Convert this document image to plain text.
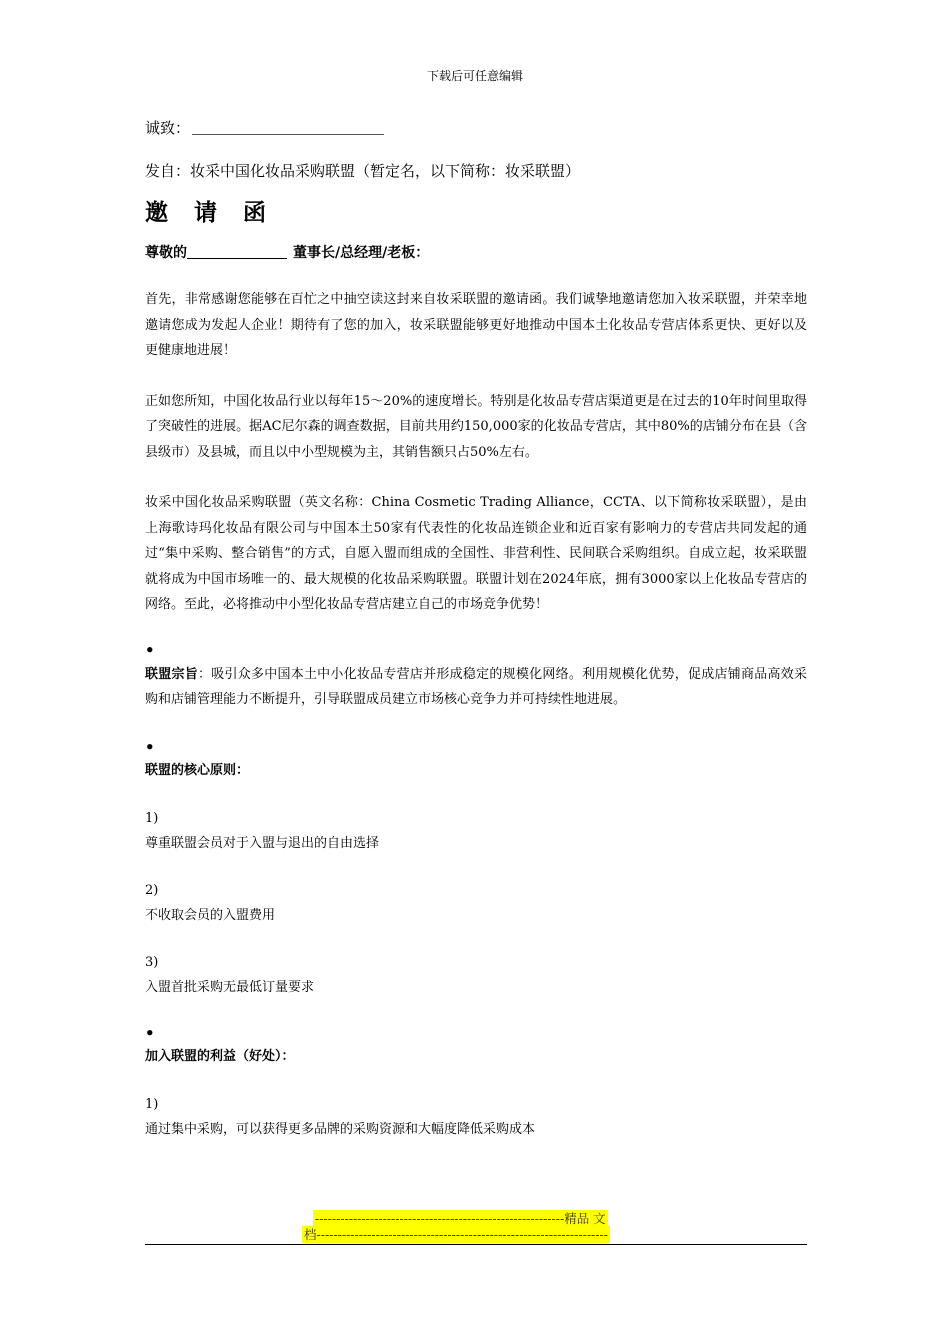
下载后可任意编辑
诚致：
发自：妆采中国化妆品采购联盟（暂定名，以下简称：妆采联盟）
邀 请 函
尊敬的	董事长/总经理/老板：

首先，非常感谢您能够在百忙之中抽空读这封来自妆采联盟的邀请函。我们诚挚地邀请您加入妆采联盟，并荣幸地邀请您成为发起人企业！期待有了您的加入，妆采联盟能够更好地推动中国本土化妆品专营店体系更快、更好以及更健康地进展！

正如您所知，中国化妆品行业以每年15～20%的速度增长。特别是化妆品专营店渠道更是在过去的10年时间里取得了突破性的进展。据AC尼尔森的调查数据，目前共用约150,000家的化妆品专营店，其中80%的店铺分布在县（含县级市）及县城，而且以中小型规模为主，其销售额只占50%左右。

妆采中国化妆品采购联盟（英文名称：China Cosmetic Trading Alliance，CCTA、以下简称妆采联盟），是由上海歌诗玛化妆品有限公司与中国本土50家有代表性的化妆品连锁企业和近百家有影响力的专营店共同发起的通过“集中采购、整合销售”的方式，自愿入盟而组成的全国性、非营利性、民间联合采购组织。自成立起，妆采联盟就将成为中国市场唯一的、最大规模的化妆品采购联盟。联盟计划在2024年底，拥有3000家以上化妆品专营店的网络。至此，必将推动中小型化妆品专营店建立自己的市场竞争优势！

•

联盟宗旨：吸引众多中国本土中小化妆品专营店并形成稳定的规模化网络。利用规模化优势，促成店铺商品高效采购和店铺管理能力不断提升，引导联盟成员建立市场核心竞争力并可持续性地进展。

•
联盟的核心原则：
1)
尊重联盟会员对于入盟与退出的自由选择
2)
不收取会员的入盟费用
3)
入盟首批采购无最低订量要求
•
加入联盟的利益（好处）：
1)
通过集中采购，可以获得更多品牌的采购资源和大幅度降低采购成本
-----------------------------------------------------------精品 文
档---------------------------------------------------------------------
